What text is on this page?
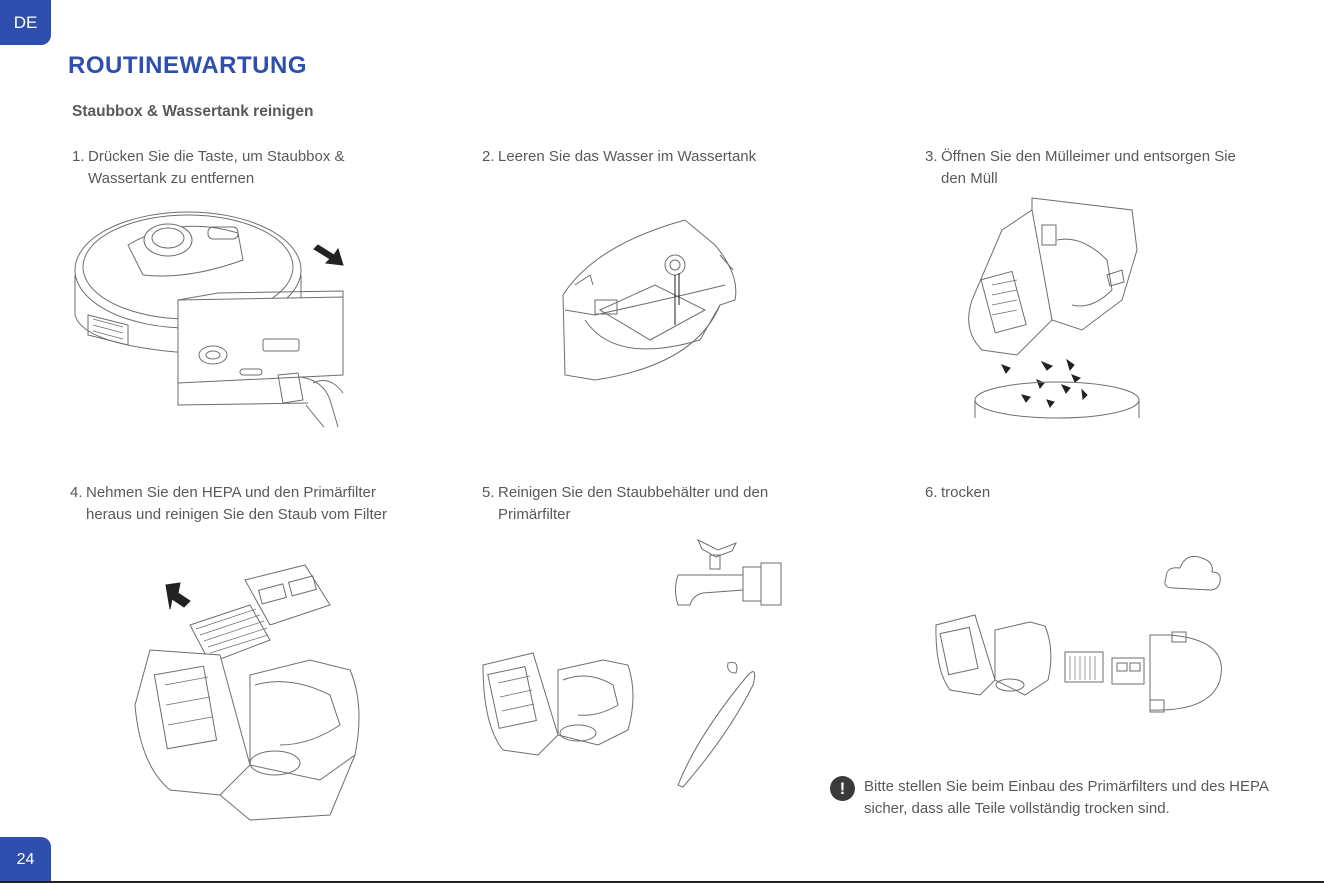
DE
ROUTINEWARTUNG
Staubbox & Wassertank reinigen
1. Drücken Sie die Taste, um Staubbox & Wassertank zu entfernen
2. Leeren Sie das Wasser im Wassertank	3. Öffnen Sie den Mülleimer und entsorgen Sie den Müll
4. Nehmen Sie den HEPA und den Primärfilter heraus und reinigen Sie den Staub vom Filter
5. Reinigen Sie den Staubbehälter und den Primärfilter
6. trocken
!	Bitte stellen Sie beim Einbau des Primärfilters und des HEPA sicher, dass alle Teile vollständig trocken sind.
24
